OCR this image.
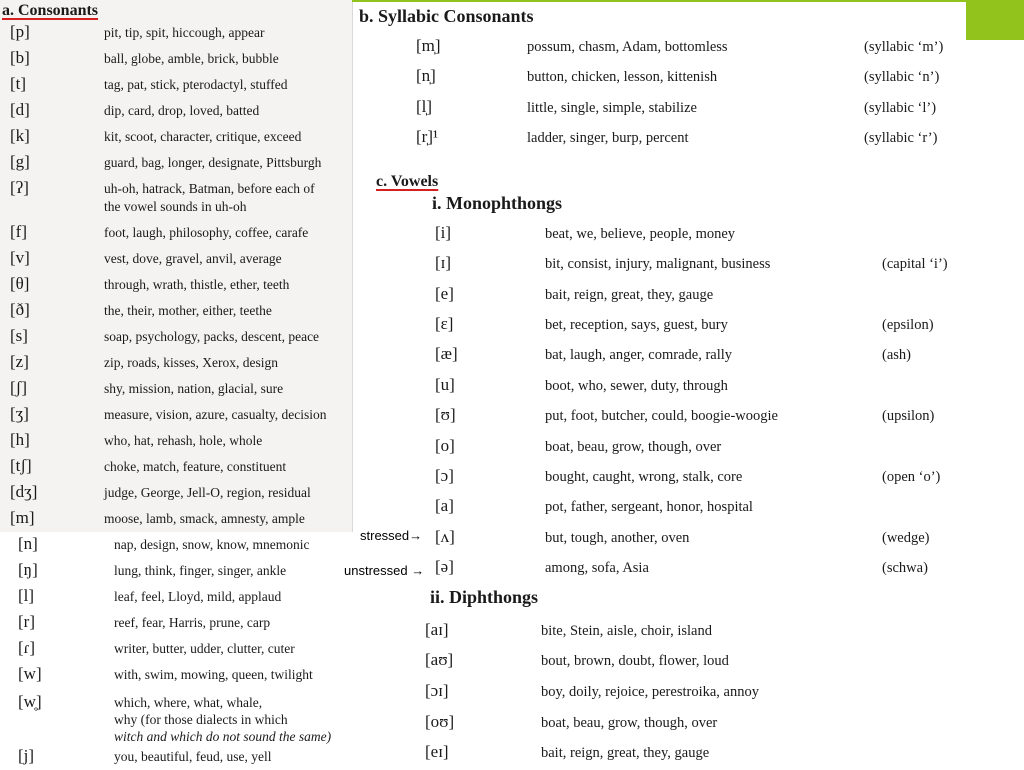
a. Consonants	b. Syllabic Consonants
c. Vowels
i. Monophthongs
ii. Diphthongs
[p]	pit, tip, spit, hiccough, appear
[b]	ball, globe, amble, brick, bubble
[t]	tag, pat, stick, pterodactyl, stuffed
[d]	dip, card, drop, loved, batted
[k]	kit, scoot, character, critique, exceed
[g]	guard, bag, longer, designate, Pittsburgh
[ʔ]	uh-oh, hatrack, Batman, before each of
the vowel sounds in uh-oh
[f]	foot, laugh, philosophy, coffee, carafe
[v]	vest, dove, gravel, anvil, average
[θ]	through, wrath, thistle, ether, teeth
[ð]	the, their, mother, either, teethe
[s]	soap, psychology, packs, descent, peace
[z]	zip, roads, kisses, Xerox, design
[ʃ]	shy, mission, nation, glacial, sure
[ʒ]	measure, vision, azure, casualty, decision
[h]	who, hat, rehash, hole, whole
[tʃ]	choke, match, feature, constituent
[dʒ]	judge, George, Jell-O, region, residual
[m]	moose, lamb, smack, amnesty, ample
[n]	nap, design, snow, know, mnemonic
[ŋ]	lung, think, finger, singer, ankle
[l]	leaf, feel, Lloyd, mild, applaud
[r]	reef, fear, Harris, prune, carp
[ɾ]	writer, butter, udder, clutter, cuter
[w]	with, swim, mowing, queen, twilight
[w̥]	which, where, what, whale,
why (for those dialects in which
witch and which do not sound the same)
[j]	you, beautiful, feud, use, yell
[m̩]	possum, chasm, Adam, bottomless	(syllabic ‘m’)
[n̩]	button, chicken, lesson, kittenish	(syllabic ‘n’)
[l̩]	little, single, simple, stabilize	(syllabic ‘l’)
[r̩]¹	ladder, singer, burp, percent	(syllabic ‘r’)
[i]	beat, we, believe, people, money
[ɪ]	bit, consist, injury, malignant, business	(capital ‘i’)
[e]	bait, reign, great, they, gauge
[ɛ]	bet, reception, says, guest, bury	(epsilon)
[æ]	bat, laugh, anger, comrade, rally	(ash)
[u]	boot, who, sewer, duty, through
[ʊ]	put, foot, butcher, could, boogie-woogie	(upsilon)
[o]	boat, beau, grow, though, over
[ɔ]	bought, caught, wrong, stalk, core	(open ‘o’)
[a]	pot, father, sergeant, honor, hospital
[ʌ]	but, tough, another, oven	(wedge)
[ə]	among, sofa, Asia	(schwa)
stressed→
unstressed →
[aɪ]	bite, Stein, aisle, choir, island
[aʊ]	bout, brown, doubt, flower, loud
[ɔɪ]	boy, doily, rejoice, perestroika, annoy
[oʊ]	boat, beau, grow, though, over
[eɪ]	bait, reign, great, they, gauge
